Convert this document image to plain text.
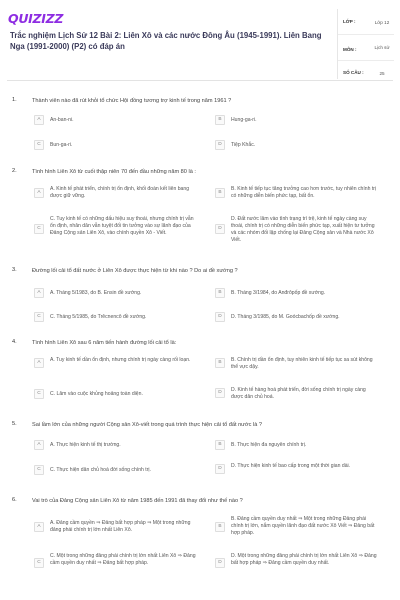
QUIZIZZ
Trắc nghiệm Lịch Sử 12 Bài 2: Liên Xô và các nước Đông Âu (1945-1991). Liên Bang Nga (1991-2000) (P2) có đáp án
LỚP :	Lớp 12
MÔN :	Lịch sử
SỐ CÂU :	25
1.	Thành viên nào đã rút khỏi tổ chức Hội đồng tương trợ kinh tế trong năm 1961 ?
A	An-ban-ni.	B	Hung-ga-ri.
C	Bun-ga-ri.	D	Tiệp Khắc.
2.	Tình hình Liên Xô từ cuối thập niên 70 đến đầu những năm 80 là :
A
A. Kinh tế phát triển, chính trị ổn định, khối đoàn kết liên bang được giữ vững.
B
B. Kinh tế tiếp tục tăng trưởng cao hơn trước, tuy nhiên chính trị có những diễn biến phức tạp, bất ổn.
C
C. Tuy kinh tế có những dấu hiệu suy thoái, nhưng chính trị vẫn ổn định, nhân dân vẫn tuyệt đối tin tưởng vào sự lãnh đạo của Đảng Cộng sản Liên Xô, vào chính quyền Xô - Viết.
D
D. Đất nước lâm vào tình trạng trì trệ, kinh tế ngày càng suy thoái, chính trị có những diễn biến phức tạp, xuất hiện tư tưởng và các nhóm đối lập chống lại Đảng Cộng sản và Nhà nước Xô Viết.
3.	Đường lối cải tổ đất nước ở Liên Xô được thực hiện từ khi nào ? Do ai đề xướng ?
A	A. Tháng 5/1983, do B. Ensin đề xướng.	B	B. Tháng 3/1984, do Anđrôpốp đề xướng.
C	C. Tháng 5/1985, do Trêcnencô đề xướng.	D	D. Tháng 3/1985, do M. Goócbachốp đề xướng.
4.	Tình hình Liên Xô sau 6 năm tiến hành đường lối cải tổ là:
A	A. Tuy kinh tế dần ổn định, nhưng chính trị ngày càng rối loạn.	B	B. Chính trị dần ổn định, tuy nhiên kinh tế tiếp tục sa sút không thể vực dậy.
C	C. Lâm vào cuộc khủng hoảng toàn diện.	D	D. Kinh tế hàng hoá phát triển, đời sống chính trị ngày càng được dân chủ hoá.
5.	Sai lầm lớn của những người Cộng sản Xô-viết trong quá trình thực hiện cải tổ đất nước là ?
A	A. Thực hiện kinh tế thị trường.	B	B. Thực hiện đa nguyên chính trị.
C	C. Thực hiện dân chủ hoá đời sống chính trị.	D	D. Thực hiện kinh tế bao cấp trong một thời gian dài.
6.	Vai trò của Đảng Cộng sản Liên Xô từ năm 1985 đến 1991 đã thay đổi như thế nào ?
A
A. Đảng cầm quyền ⇒ Đảng bất hợp pháp ⇒ Một trong những đảng phái chính trị lớn nhất Liên Xô.
B
B. Đảng cầm quyền duy nhất ⇒ Một trong những Đảng phái chính trị lớn, nắm quyền lãnh đạo đất nước Xô Viết ⇒ Đảng bất hợp pháp.
C
C. Một trong những đảng phái chính trị lớn nhất Liên Xô ⇒ Đảng cầm quyền duy nhất ⇒ Đảng bất hợp pháp.	D
D. Một trong những đảng phái chính trị lớn nhất Liên Xô ⇒ Đảng bất hợp pháp ⇒ Đảng cầm quyền duy nhất.
